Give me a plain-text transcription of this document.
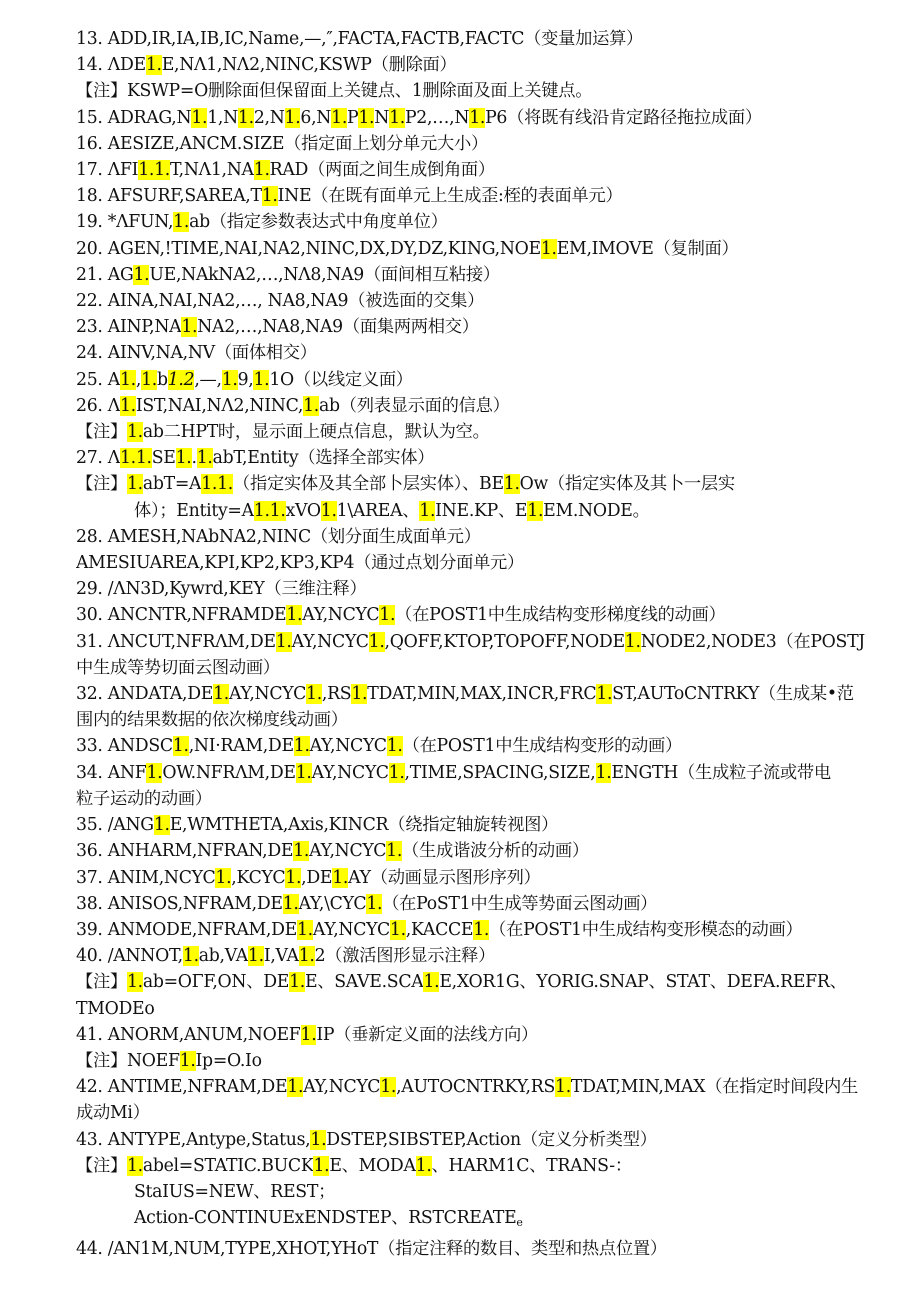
13. ADD,IR,IA,IB,IC,Name,—,″,FACTA,FACTB,FACTC（变量加运算）
14. ΛDE1.E,NΛ1,NΛ2,NINC,KSWP（删除面）
【注】KSWP=O删除面但保留面上关键点、1删除面及面上关键点。
15. ADRAG,N1.1,N1.2,N1.6,N1.P1.N1.P2,…,N1.P6（将既有线沿肯定路径拖拉成面）
16. AESIZE,ANCM.SIZE（指定面上划分单元大小）
17. ΛFI1.1.T,NΛ1,NA1.RAD（两面之间生成倒角面）
18. AFSURF,SAREA,T1.INE（在既有面单元上生成歪:桎的表面单元）
19. *ΛFUN,1.ab（指定参数表达式中角度单位）
20. AGEN,!TIME,NAI,NA2,NINC,DX,DY,DZ,KING,NOE1.EM,IMOVE（复制面）
21. AG1.UE,NAkNA2,…,NΛ8,NA9（面间相互粘接）
22. AINA,NAI,NA2,…, NA8,NA9（被选面的交集）
23. AINP,NA1.NA2,…,NA8,NA9（面集两两相交）
24. AINV,NA,NV（面体相交）
25. A1.,1.b1.2,—,1.9,1.1O（以线定义面）
26. Λ1.IST,NAI,NΛ2,NINC,1.ab（列表显示面的信息）
【注】1.ab二HPT时，显示面上硬点信息，默认为空。
27. Λ1.1.SE1..1.abT,Entity（选择全部实体）
【注】1.abT=A1.1.（指定实体及其全部卜层实体）、BE1.Ow（指定实体及其卜一层实
体）；Entity=A1.1.xVO1.1\AREA、1.INE.KP、E1.EM.NODE。
28. AMESH,NAbNA2,NINC（划分面生成面单元）
AMESIUAREA,KPI,KP2,KP3,KP4（通过点划分面单元）
29. /ΛN3D,Kywrd,KEY（三维注释）
30. ANCNTR,NFRAMDE1.AY,NCYC1.（在POST1中生成结构变形梯度线的动画）
31. ΛNCUT,NFRΛM,DE1.AY,NCYC1.,QOFF,KTOP,TOPOFF,NODE1.NODE2,NODE3（在POSTJ
中生成等势切面云图动画）
32. ANDATA,DE1.AY,NCYC1.,RS1.TDAT,MIN,MAX,INCR,FRC1.ST,AUToCNTRKY（生成某•范
围内的结果数据的依次梯度线动画）
33. ANDSC1.,NI·RAM,DE1.AY,NCYC1.（在POST1中生成结构变形的动画）
34. ANF1.OW.NFRΛM,DE1.AY,NCYC1.,TIME,SPACING,SIZE,1.ENGTH（生成粒子流或带电
粒子运动的动画）
35. /ANG1.E,WMTHETA,Axis,KINCR（绕指定轴旋转视图）
36. ANHARM,NFRAN,DE1.AY,NCYC1.（生成谐波分析的动画）
37. ANIM,NCYC1.,KCYC1.,DE1.AY（动画显示图形序列）
38. ANISOS,NFRAM,DE1.AY,\CYC1.（在PoST1中生成等势面云图动画）
39. ANMODE,NFRAM,DE1.AY,NCYC1.,KACCE1.（在POST1中生成结构变形模态的动画）
40. /ANNOT,1.ab,VA1.I,VA1.2（激活图形显示注释）
【注】1.ab=OΓF,ON、DE1.E、SAVE.SCA1.E,XOR1G、YORIG.SNAP、STAT、DEFA.REFR、
TMODEo
41. ANORM,ANUM,NOEF1.IP（垂新定义面的法线方向）
【注】NOEF1.Ip=O.Io
42. ANTIME,NFRAM,DE1.AY,NCYC1.,AUTOCNTRKY,RS1.TDAT,MIN,MAX（在指定时间段内生
成动Mi）
43. ANTYPE,Antype,Status,1.DSTEP,SIBSTEP,Action（定义分析类型）
【注】1.abel=STATIC.BUCK1.E、MODA1.、HARM1C、TRANS-：
StaIUS=NEW、REST；
Action-CONTINUExENDSTEP、$RSTCREATE_e$
44. /AN1M,NUM,TYPE,XHOT,YHoT（指定注释的数目、类型和热点位置）
